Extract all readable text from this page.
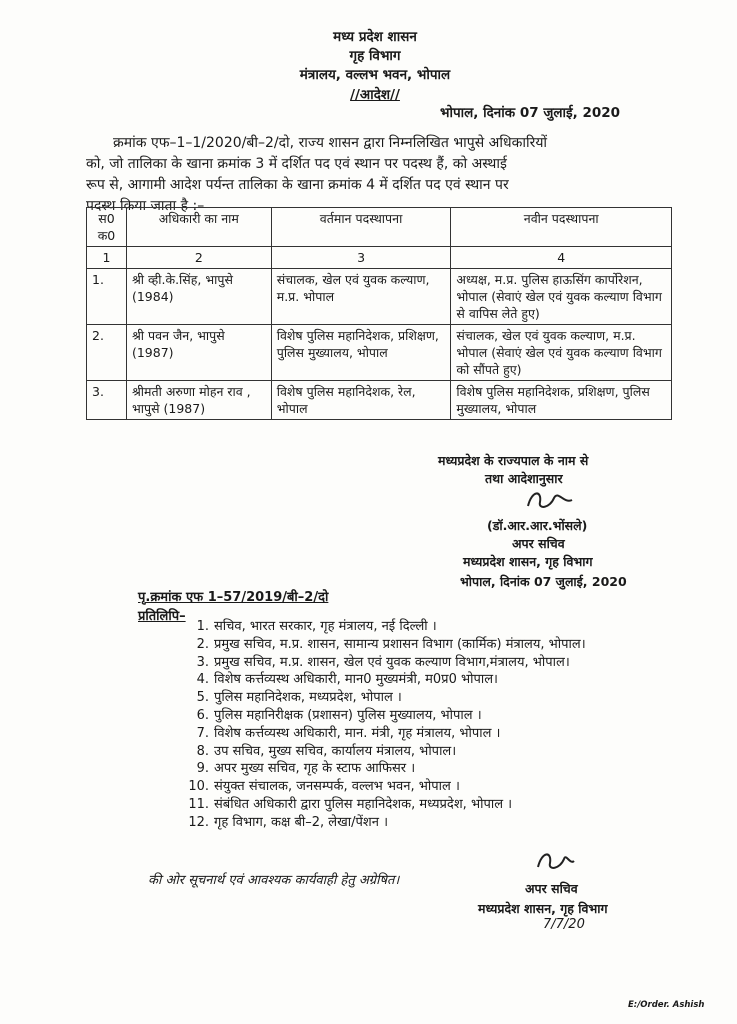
मध्य प्रदेश शासन
गृह विभाग
मंत्रालय, वल्लभ भवन, भोपाल
//आदेश//
भोपाल, दिनांक 07 जुलाई, 2020
क्रमांक एफ–1–1/2020/बी–2/दो, राज्य शासन द्वारा निम्नलिखित भापुसे अधिकारियों
को, जो तालिका के खाना क्रमांक 3 में दर्शित पद एवं स्थान पर पदस्थ हैं, को अस्थाई
रूप से, आगामी आदेश पर्यन्त तालिका के खाना क्रमांक 4 में दर्शित पद एवं स्थान पर
पदस्थ किया जाता है :–
स0 क0	अधिकारी का नाम	वर्तमान पदस्थापना	नवीन पदस्थापना
1	2	3	4
1.	श्री व्ही.के.सिंह, भापुसे (1984)	संचालक, खेल एवं युवक कल्याण, म.प्र. भोपाल	अध्यक्ष, म.प्र. पुलिस हाऊसिंग कार्पोरेशन, भोपाल (सेवाएं खेल एवं युवक कल्याण विभाग से वापिस लेते हुए)
2.	श्री पवन जैन, भापुसे (1987)	विशेष पुलिस महानिदेशक, प्रशिक्षण, पुलिस मुख्यालय, भोपाल	संचालक, खेल एवं युवक कल्याण, म.प्र. भोपाल (सेवाएं खेल एवं युवक कल्याण विभाग को सौंपते हुए)
3.	श्रीमती अरुणा मोहन राव , भापुसे (1987)	विशेष पुलिस महानिदेशक, रेल, भोपाल	विशेष पुलिस महानिदेशक, प्रशिक्षण, पुलिस मुख्यालय, भोपाल
मध्यप्रदेश के राज्यपाल के नाम से
तथा आदेशानुसार
(डॉ.आर.आर.भोंसले)
अपर सचिव
मध्यप्रदेश शासन, गृह विभाग
भोपाल, दिनांक 07 जुलाई, 2020
पृ.क्रमांक एफ 1–57/2019/बी–2/दो
प्रतिलिपि–
1. सचिव, भारत सरकार, गृह मंत्रालय, नई दिल्ली ।
2. प्रमुख सचिव, म.प्र. शासन, सामान्य प्रशासन विभाग (कार्मिक) मंत्रालय, भोपाल।
3. प्रमुख सचिव, म.प्र. शासन, खेल एवं युवक कल्याण विभाग,मंत्रालय, भोपाल।
4. विशेष कर्त्तव्यस्थ अधिकारी, मान0 मुख्यमंत्री, म0प्र0 भोपाल।
5. पुलिस महानिदेशक, मध्यप्रदेश, भोपाल ।
6. पुलिस महानिरीक्षक (प्रशासन) पुलिस मुख्यालय, भोपाल ।
7. विशेष कर्त्तव्यस्थ अधिकारी, मान. मंत्री, गृह मंत्रालय, भोपाल ।
8. उप सचिव, मुख्य सचिव, कार्यालय मंत्रालय, भोपाल।
9. अपर मुख्य सचिव, गृह के स्टाफ आफिसर ।
10. संयुक्त संचालक, जनसम्पर्क, वल्लभ भवन, भोपाल ।
11. संबंधित अधिकारी द्वारा पुलिस महानिदेशक, मध्यप्रदेश, भोपाल ।
12. गृह विभाग, कक्ष बी–2, लेखा/पेंशन ।
की ओर सूचनार्थ एवं आवश्यक कार्यवाही हेतु अग्रेषित।
अपर सचिव
मध्यप्रदेश शासन, गृह विभाग
7/7/20
E:/Order. Ashish
